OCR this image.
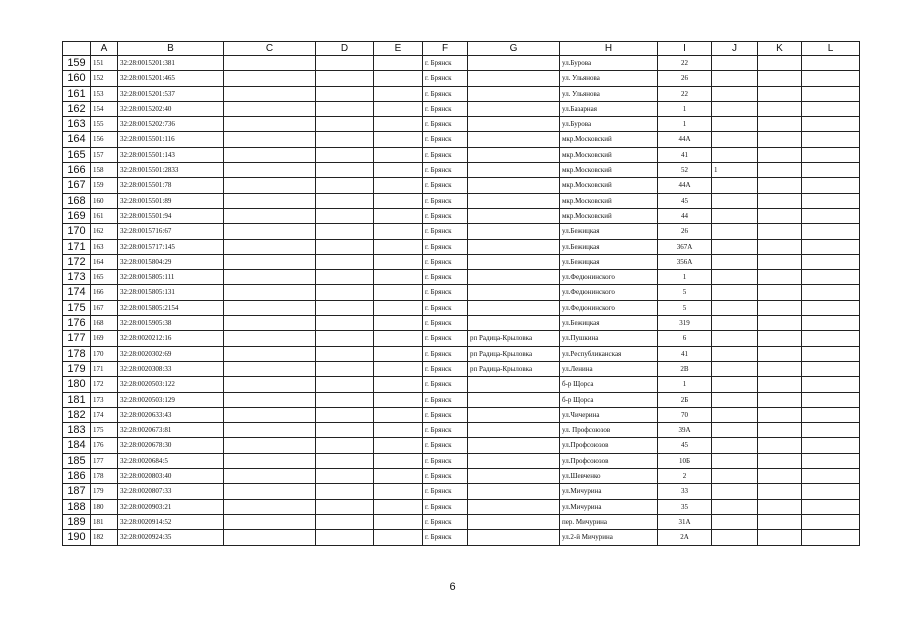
	A	B	C	D	E	F	G	H	I	J	K	L
159	151	32:28:0015201:381				г. Брянск		ул.Бурова	22			
160	152	32:28:0015201:465				г. Брянск		ул. Ульянова	26			
161	153	32:28:0015201:537				г. Брянск		ул. Ульянова	22			
162	154	32:28:0015202:40				г. Брянск		ул.Базарная	1			
163	155	32:28:0015202:736				г. Брянск		ул.Бурова	1			
164	156	32:28:0015501:116				г. Брянск		мкр.Московский	44А			
165	157	32:28:0015501:143				г. Брянск		мкр.Московский	41			
166	158	32:28:0015501:2833				г. Брянск		мкр.Московский	52	1		
167	159	32:28:0015501:78				г. Брянск		мкр.Московский	44А			
168	160	32:28:0015501:89				г. Брянск		мкр.Московский	45			
169	161	32:28:0015501:94				г. Брянск		мкр.Московский	44			
170	162	32:28:0015716:67				г. Брянск		ул.Бежицкая	26			
171	163	32:28:0015717:145				г. Брянск		ул.Бежицкая	367А			
172	164	32:28:0015804:29				г. Брянск		ул.Бежицкая	356А			
173	165	32:28:0015805:111				г. Брянск		ул.Федюнинского	1			
174	166	32:28:0015805:131				г. Брянск		ул.Федюнинского	5			
175	167	32:28:0015805:2154				г. Брянск		ул.Федюнинского	5			
176	168	32:28:0015905:38				г. Брянск		ул.Бежицкая	319			
177	169	32:28:0020212:16				г. Брянск	рп Радица-Крыловка	ул.Пушкина	6			
178	170	32:28:0020302:69				г. Брянск	рп Радица-Крыловка	ул.Республиканская	41			
179	171	32:28:0020308:33				г. Брянск	рп Радица-Крыловка	ул.Ленина	2В			
180	172	32:28:0020503:122				г. Брянск		б-р Щорса	1			
181	173	32:28:0020503:129				г. Брянск		б-р Щорса	2Б			
182	174	32:28:0020633:43				г. Брянск		ул.Чичерина	70			
183	175	32:28:0020673:81				г. Брянск		ул. Профсоюзов	39А			
184	176	32:28:0020678:30				г. Брянск		ул.Профсоюзов	45			
185	177	32:28:0020684:5				г. Брянск		ул.Профсоюзов	10Б			
186	178	32:28:0020803:40				г. Брянск		ул.Шевченко	2			
187	179	32:28:0020807:33				г. Брянск		ул.Мичурина	33			
188	180	32:28:0020903:21				г. Брянск		ул.Мичурина	35			
189	181	32:28:0020914:52				г. Брянск		пер. Мичурина	31А			
190	182	32:28:0020924:35				г. Брянск		ул.2-й Мичурина	2А			
6
